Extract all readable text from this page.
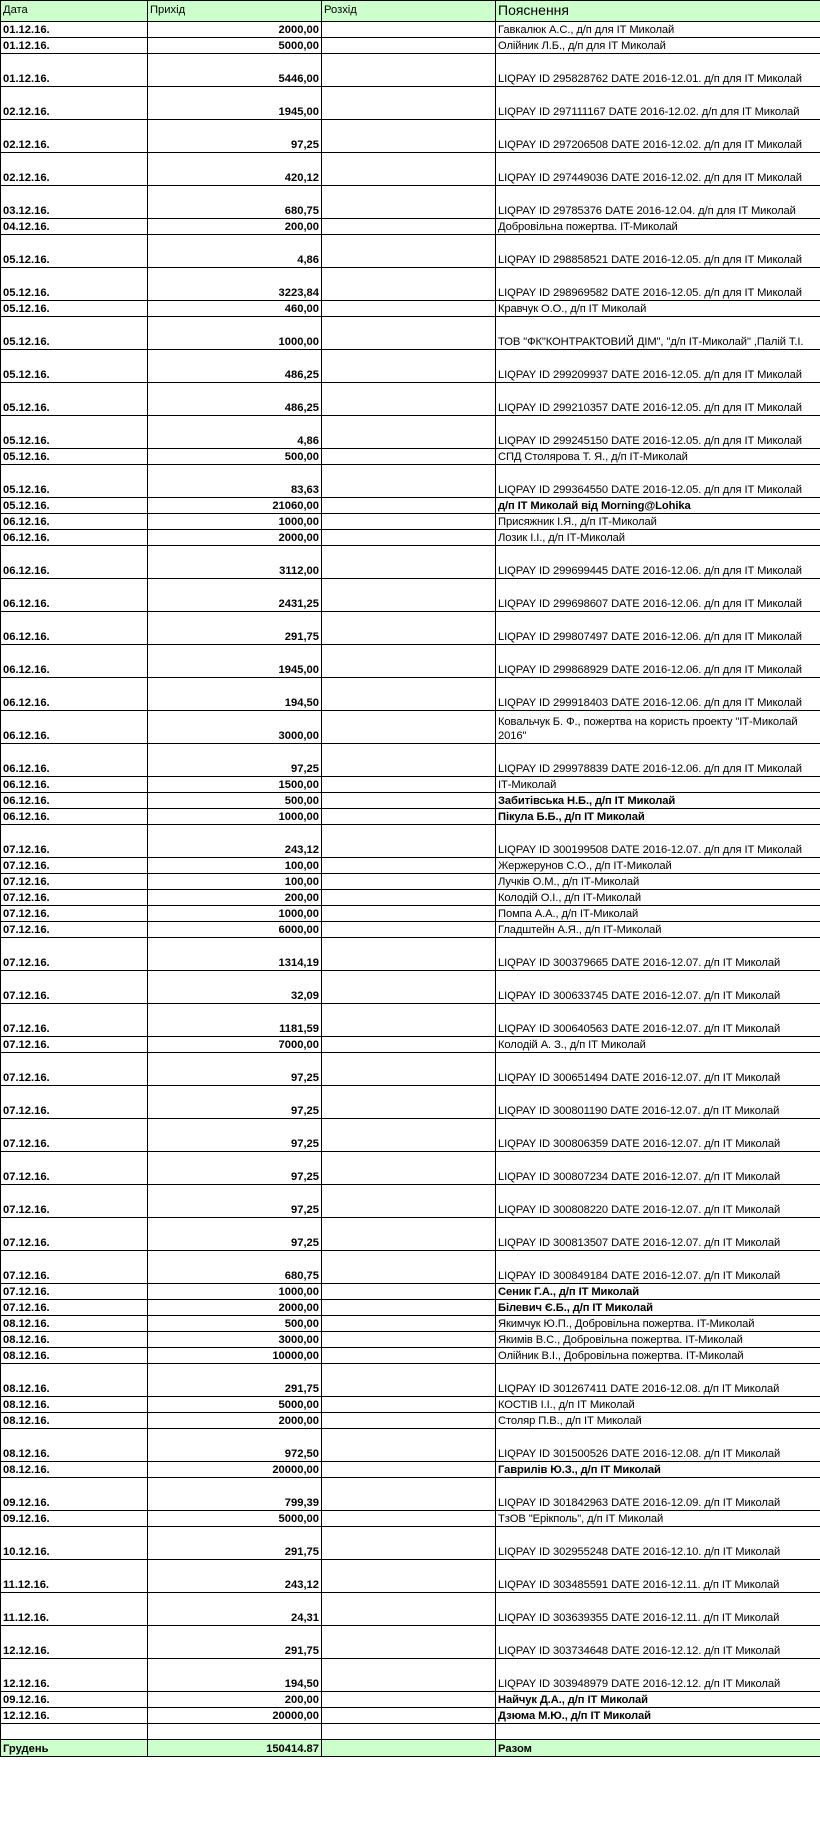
Дата	Прихід	Розхід	Пояснення
01.12.16.	2000,00		Гавкалюк А.С., д/п для ІТ Миколай
01.12.16.	5000,00		Олійник Л.Б., д/п для ІТ Миколай
01.12.16.	5446,00		LIQPAY ID 295828762 DATE 2016-12.01. д/п для IT Миколай
02.12.16.	1945,00		LIQPAY ID 297111167 DATE 2016-12.02. д/п для IT Миколай
02.12.16.	97,25		LIQPAY ID 297206508 DATE 2016-12.02. д/п для IT Миколай
02.12.16.	420,12		LIQPAY ID 297449036 DATE 2016-12.02. д/п для IT Миколай
03.12.16.	680,75		LIQPAY ID 29785376 DATE 2016-12.04. д/п для IT Миколай
04.12.16.	200,00		Добровільна пожертва. IT-Миколай
05.12.16.	4,86		LIQPAY ID 298858521 DATE 2016-12.05. д/п для IT Миколай
05.12.16.	3223,84		LIQPAY ID 298969582 DATE 2016-12.05. д/п для IT Миколай
05.12.16.	460,00		Кравчук О.О., д/п ІТ Миколай
05.12.16.	1000,00		ТОВ "ФК"КОНТРАКТОВИЙ ДІМ", "д/п ІТ-Миколай" ,Палій Т.І.
05.12.16.	486,25		LIQPAY ID 299209937 DATE 2016-12.05. д/п для IT Миколай
05.12.16.	486,25		LIQPAY ID 299210357 DATE 2016-12.05. д/п для IT Миколай
05.12.16.	4,86		LIQPAY ID 299245150 DATE 2016-12.05. д/п для IT Миколай
05.12.16.	500,00		СПД Столярова Т. Я., д/п ІТ-Миколай
05.12.16.	83,63		LIQPAY ID 299364550 DATE 2016-12.05. д/п для IT Миколай
05.12.16.	21060,00		д/п ІТ Миколай від Morning@Lohika
06.12.16.	1000,00		Присяжник І.Я., д/п ІТ-Миколай
06.12.16.	2000,00		Лозик І.І., д/п ІТ-Миколай
06.12.16.	3112,00		LIQPAY ID 299699445 DATE 2016-12.06. д/п для IT Миколай
06.12.16.	2431,25		LIQPAY ID 299698607 DATE 2016-12.06. д/п для IT Миколай
06.12.16.	291,75		LIQPAY ID 299807497 DATE 2016-12.06. д/п для IT Миколай
06.12.16.	1945,00		LIQPAY ID 299868929 DATE 2016-12.06. д/п для IT Миколай
06.12.16.	194,50		LIQPAY ID 299918403 DATE 2016-12.06. д/п для IT Миколай
06.12.16.	3000,00		Ковальчук Б. Ф., пожертва на користь проекту "ІТ-Миколай 2016"
06.12.16.	97,25		LIQPAY ID 299978839 DATE 2016-12.06. д/п для IT Миколай
06.12.16.	1500,00		ІТ-Миколай
06.12.16.	500,00		Забитівська Н.Б., д/п ІТ Миколай
06.12.16.	1000,00		Пікула Б.Б., д/п ІТ Миколай
07.12.16.	243,12		LIQPAY ID 300199508 DATE 2016-12.07. д/п для IT Миколай
07.12.16.	100,00		Жержерунов С.О., д/п ІТ-Миколай
07.12.16.	100,00		Лучків О.М., д/п ІТ-Миколай
07.12.16.	200,00		Колодій О.І., д/п ІТ-Миколай
07.12.16.	1000,00		Помпа А.А., д/п ІТ-Миколай
07.12.16.	6000,00		Гладштейн А.Я., д/п ІТ-Миколай
07.12.16.	1314,19		LIQPAY ID 300379665 DATE 2016-12.07. д/п IT Миколай
07.12.16.	32,09		LIQPAY ID 300633745 DATE 2016-12.07. д/п IT Миколай
07.12.16.	1181,59		LIQPAY ID 300640563 DATE 2016-12.07. д/п IT Миколай
07.12.16.	7000,00		Колодій А. З., д/п ІТ Миколай
07.12.16.	97,25		LIQPAY ID 300651494 DATE 2016-12.07. д/п IT Миколай
07.12.16.	97,25		LIQPAY ID 300801190 DATE 2016-12.07. д/п IT Миколай
07.12.16.	97,25		LIQPAY ID 300806359 DATE 2016-12.07. д/п IT Миколай
07.12.16.	97,25		LIQPAY ID 300807234 DATE 2016-12.07. д/п IT Миколай
07.12.16.	97,25		LIQPAY ID 300808220 DATE 2016-12.07. д/п IT Миколай
07.12.16.	97,25		LIQPAY ID 300813507 DATE 2016-12.07. д/п IT Миколай
07.12.16.	680,75		LIQPAY ID 300849184 DATE 2016-12.07. д/п IT Миколай
07.12.16.	1000,00		Сеник Г.А., д/п ІТ Миколай
07.12.16.	2000,00		Білевич Є.Б., д/п ІТ Миколай
08.12.16.	500,00		Якимчук Ю.П., Добровільна пожертва. IT-Миколай
08.12.16.	3000,00		Якимів В.С., Добровільна пожертва. IT-Миколай
08.12.16.	10000,00		Олійник В.І., Добровільна пожертва. IT-Миколай
08.12.16.	291,75		LIQPAY ID 301267411 DATE 2016-12.08. д/п IT Миколай
08.12.16.	5000,00		КОСТІВ І.І., д/п ІТ Миколай
08.12.16.	2000,00		Столяр П.В., д/п ІТ Миколай
08.12.16.	972,50		LIQPAY ID 301500526 DATE 2016-12.08. д/п IT Миколай
08.12.16.	20000,00		Гаврилів Ю.З., д/п ІТ Миколай
09.12.16.	799,39		LIQPAY ID 301842963 DATE 2016-12.09. д/п IT Миколай
09.12.16.	5000,00		ТзОВ "Ерікполь", д/п ІТ Миколай
10.12.16.	291,75		LIQPAY ID 302955248 DATE 2016-12.10. д/п IT Миколай
11.12.16.	243,12		LIQPAY ID 303485591 DATE 2016-12.11. д/п IT Миколай
11.12.16.	24,31		LIQPAY ID 303639355 DATE 2016-12.11. д/п IT Миколай
12.12.16.	291,75		LIQPAY ID 303734648 DATE 2016-12.12. д/п IT Миколай
12.12.16.	194,50		LIQPAY ID 303948979 DATE 2016-12.12. д/п IT Миколай
09.12.16.	200,00		Найчук Д.А., д/п ІТ Миколай
12.12.16.	20000,00		Дзюма М.Ю., д/п ІТ Миколай

Грудень	150414.87		Разом
